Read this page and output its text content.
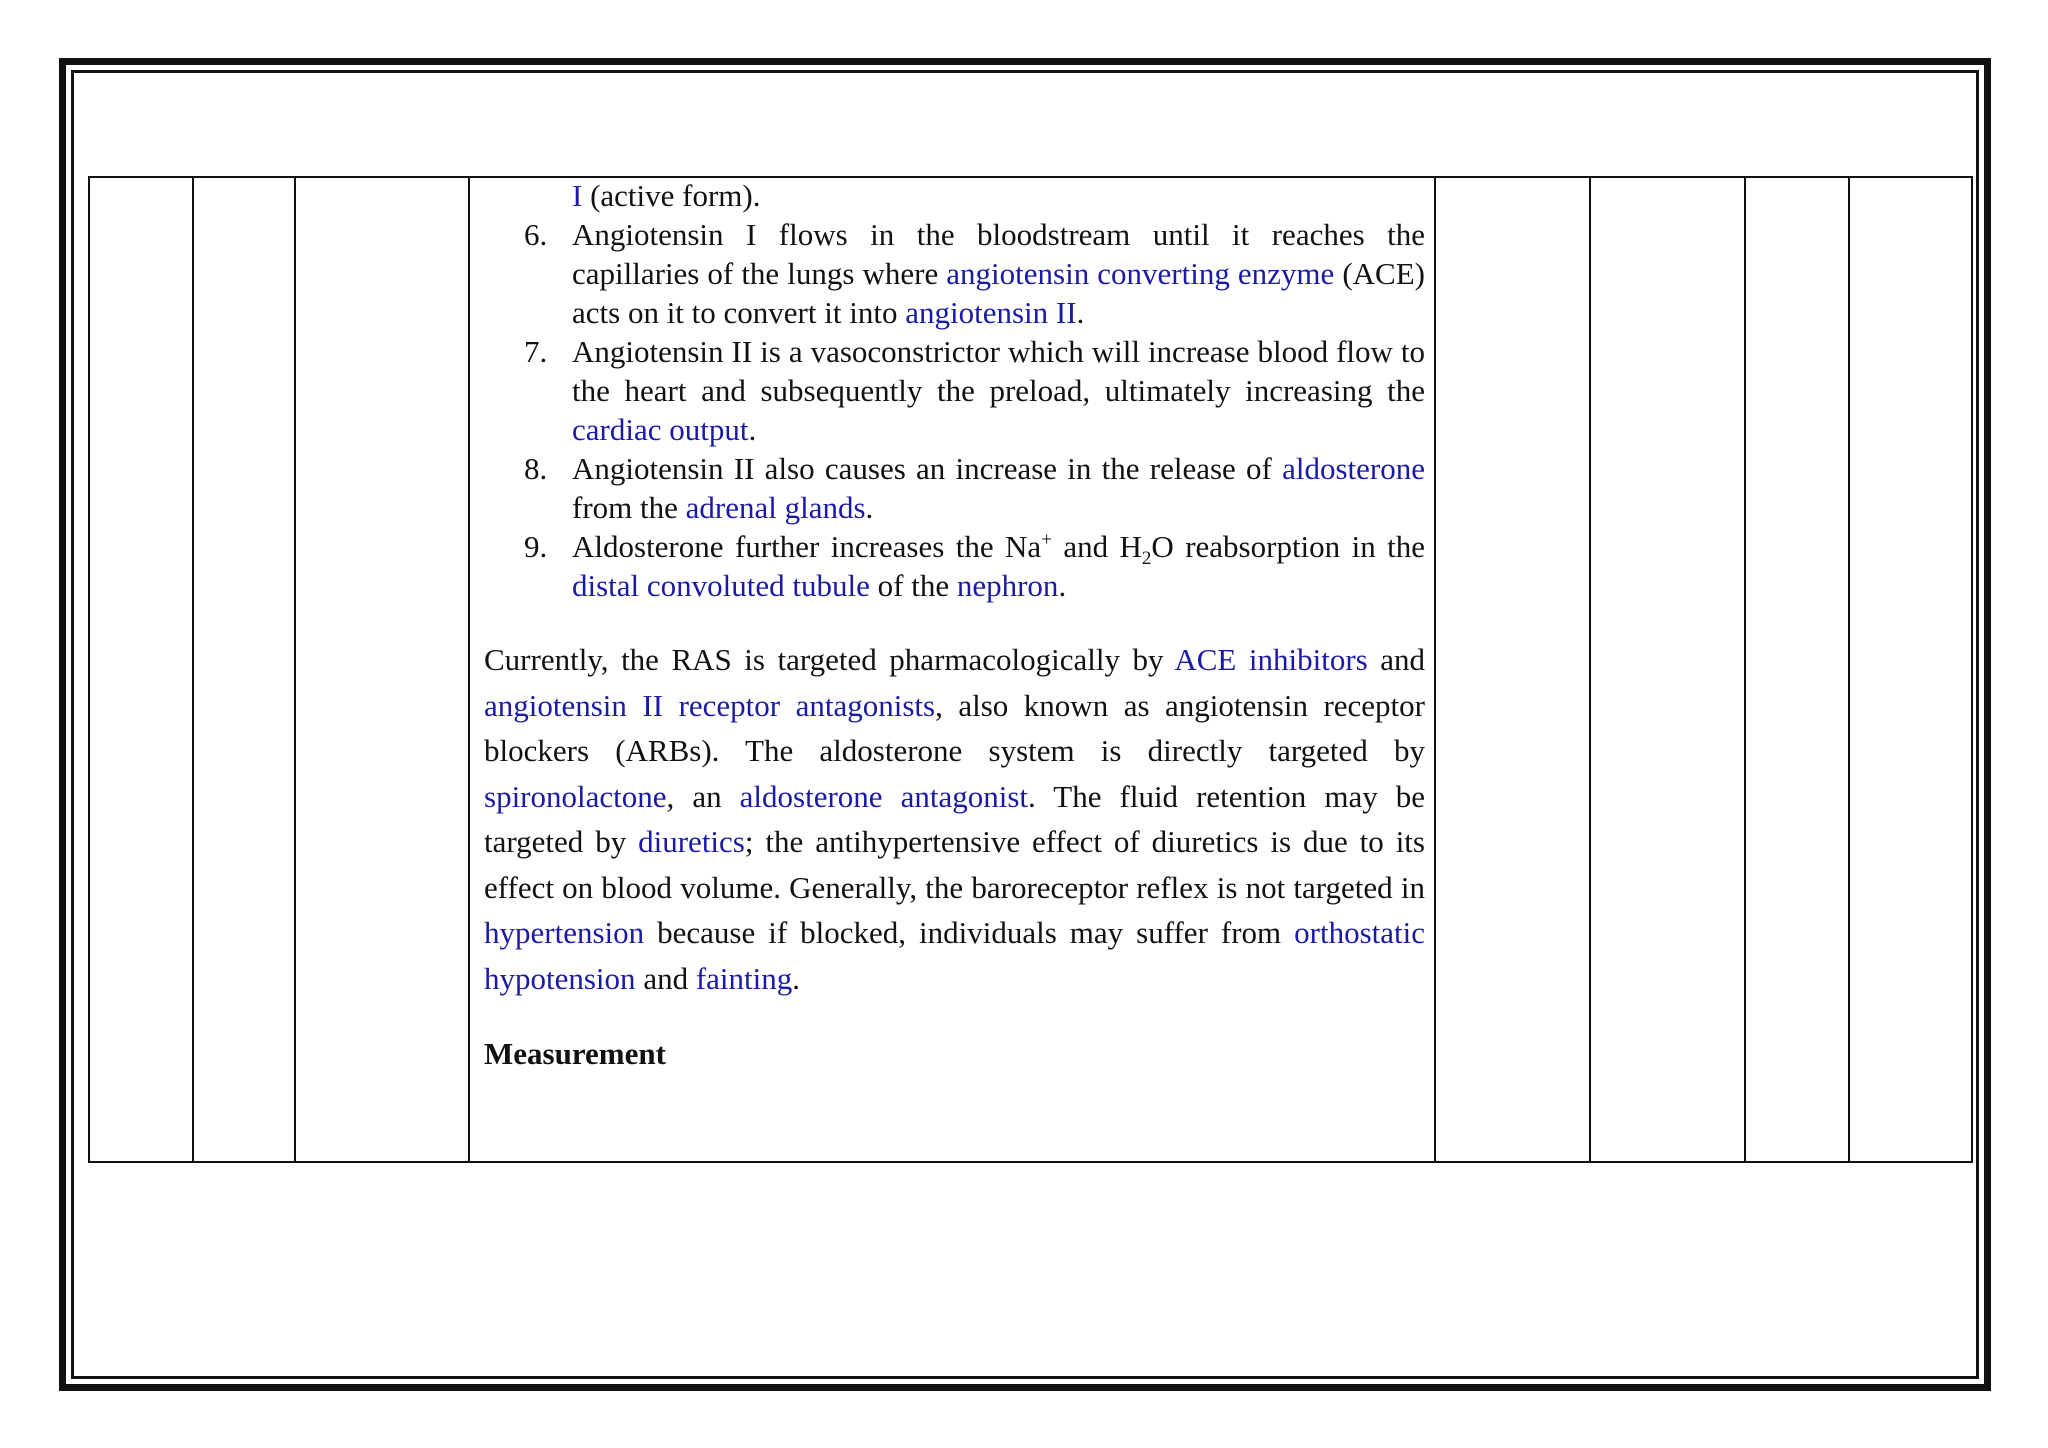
I (active form).
6. Angiotensin I flows in the bloodstream until it reaches the capillaries of the lungs where angiotensin converting enzyme (ACE) acts on it to convert it into angiotensin II.
7. Angiotensin II is a vasoconstrictor which will increase blood flow to the heart and subsequently the preload, ultimately increasing the cardiac output.
8. Angiotensin II also causes an increase in the release of aldosterone from the adrenal glands.
9. Aldosterone further increases the Na+ and $H_2O$ reabsorption in the distal convoluted tubule of the nephron.

Currently, the RAS is targeted pharmacologically by ACE inhibitors and angiotensin II receptor antagonists, also known as angiotensin receptor blockers (ARBs). The aldosterone system is directly targeted by spironolactone, an aldosterone antagonist. The fluid retention may be targeted by diuretics; the antihypertensive effect of diuretics is due to its effect on blood volume. Generally, the baroreceptor reflex is not targeted in hypertension because if blocked, individuals may suffer from orthostatic hypotension and fainting.

Measurement
